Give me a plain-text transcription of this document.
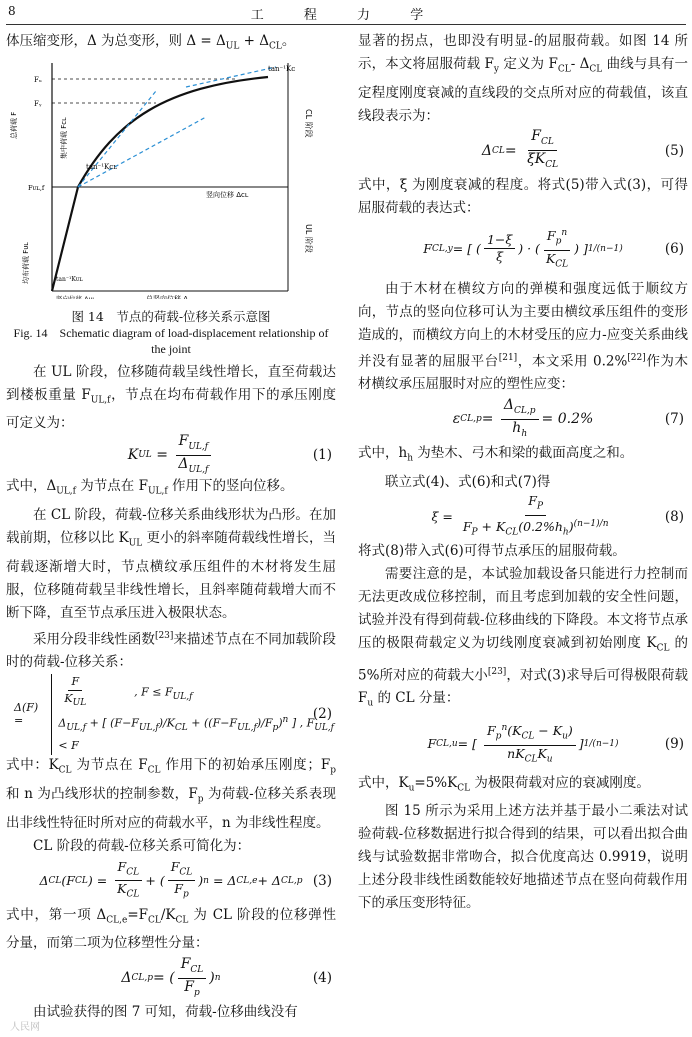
8	工 程 力 学

体压缩变形，Δ 为总变形，则 $\Delta = \Delta_{UL} + \Delta_{CL}$。

Fᵤ
Fᵧ
Fᴜʟ,f
总荷载 F	集中荷载 Fᴄʟ
均布荷载 Fᴜʟ
竖向位移 Δᴄʟ
总竖向位移 Δ
竖向位移 Δᴜʟ
tan⁻¹Kᴄ
tan⁻¹Kᴄʟ
tan⁻¹Kᴜʟ
CL 阶段
UL 阶段
图 14　节点的荷载-位移关系示意图
Fig. 14　Schematic diagram of load-displacement relationship of the joint

在 UL 阶段，位移随荷载呈线性增长，直至荷载达到楼板重量 $F_{UL,f}$，节点在均布荷载作用下的承压刚度可定义为：

K UL = $\frac{F_{UL,f}}{\Delta_{UL,f}}$	(1)

式中，$\Delta_{UL,f}$ 为节点在 $F_{UL,f}$ 作用下的竖向位移。

在 CL 阶段，荷载-位移关系曲线形状为凸形。在加载前期，位移以比 $K_{UL}$ 更小的斜率随荷载线性增长，当荷载逐渐增大时，节点横纹承压组件的木材将发生屈服，位移随荷载呈非线性增长，且斜率随荷载增大而不断下降，直至节点承压进入极限状态。

采用分段非线性函数[23]来描述节点在不同加载阶段时的荷载-位移关系：

Δ(F) =
$\frac{F}{K_{UL}}$ , $F \le F_{UL,f}$
$\Delta_{UL,f}$ + [ $(F-F_{UL,f})/K_{CL} + ((F-F_{UL,f})/F_p)^n$ ] , $F_{UL,f} < F$
(2)

式中：$K_{CL}$ 为节点在 $F_{CL}$ 作用下的初始承压刚度；$F_p$ 和 n 为凸线形状的控制参数，$F_p$ 为荷载-位移关系表现出非线性特征时所对应的荷载水平，n 为非线性程度。

CL 阶段的荷载-位移关系可简化为：

Δ CL (F CL ) = $\frac{F_{CL}}{K_{CL}}$ + ( $\frac{F_{CL}}{F_p}$ ) n = Δ CL,e + Δ CL,p (3)

式中，第一项 $\Delta_{CL,e}=F_{CL}/K_{CL}$ 为 CL 阶段的位移弹性分量，而第二项为位移塑性分量：

Δ CL,p = ( $\frac{F_{CL}}{F_p}$ ) n	(4)

由试验获得的图 7 可知，荷载-位移曲线没有

显著的拐点，也即没有明显-的屈服荷载。如图 14 所示，本文将屈服荷载 $F_y$ 定义为 $F_{CL}-$ $\Delta_{CL}$ 曲线与具有一定程度刚度衰减的直线段的交点所对应的荷载值，该直线段表示为：

Δ CL = $\frac{F_{CL}}{\xi K_{CL}}$	(5)

式中，ξ 为刚度衰减的程度。将式(5)带入式(3)，可得屈服荷载的表达式：

F CL,y = [ ( $\frac{1-\xi}{\xi}$ ) · ( $\frac{F_p^n}{K_{CL}}$ ) ] 1/(n−1)	(6)

由于木材在横纹方向的弹模和强度远低于顺纹方向，节点的竖向位移可认为主要由横纹承压组件的变形造成的，而横纹方向上的木材受压的应力-应变关系曲线并没有显著的屈服平台[21]，本文采用 0.2%[22]作为木材横纹承压屈服时对应的塑性应变：

ε $CL,p = \frac{\Delta_{CL,p}}{h_h} = 0.2\%$	(7)

式中，$h_h$ 为垫木、弓木和梁的截面高度之和。

联立式(4)、式(6)和式(7)得

$\xi = \frac{F_P}{F_P + K_{CL}(0.2\%h_h)^{(n-1)/n}}$	(8)

将式(8)带入式(6)可得节点承压的屈服荷载。

需要注意的是，本试验加载设备只能进行力控制而无法更改成位移控制，而且考虑到加载的安全性问题，试验并没有得到荷载-位移曲线的下降段。本文将节点承压的极限荷载定义为切线刚度衰减到初始刚度 $K_{CL}$ 的5%所对应的荷载大小[23]，对式(3)求导后可得极限荷载 $F_u$ 的 CL 分量：

F CL,u = [ $\frac{F_p^n(K_{CL} - K_u)}{nK_{CL}K_u}$ ] 1/(n−1)	(9)

式中，$K_u=5\%K_{CL}$ 为极限荷载对应的衰减刚度。

图 15 所示为采用上述方法并基于最小二乘法对试验荷载-位移数据进行拟合得到的结果，可以看出拟合曲线与试验数据非常吻合，拟合优度高达 0.9919，说明上述分段非线性函数能较好地描述节点在竖向荷载作用下的承压变形特征。

人民网
